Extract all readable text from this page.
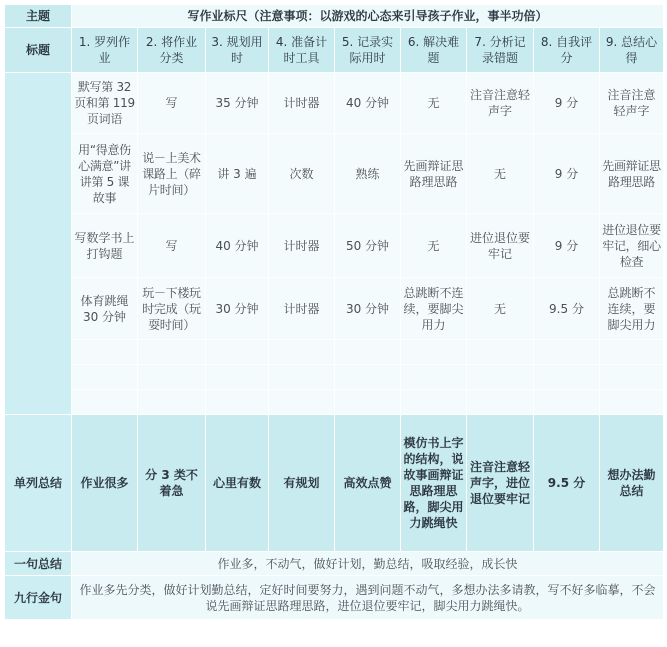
主题	写作业标尺（注意事项：以游戏的心态来引导孩子作业，事半功倍）								
标题	1. 罗列作业	2. 将作业分类	3. 规划用时	4. 准备计时工具	5. 记录实际用时	6. 解决难题	7. 分析记录错题	8. 自我评分	9. 总结心得
	默写第 32 页和第 119 页词语	写	35 分钟	计时器	40 分钟	无	注音注意轻声字	9 分	注音注意轻声字
	用“得意伤心满意”讲讲第 5 课故事	说－上美术课路上（碎片时间）	讲 3 遍	次数	熟练	先画辩证思路理思路	无	9 分	先画辩证思路理思路
	写数学书上打钩题	写	40 分钟	计时器	50 分钟	无	进位退位要牢记	9 分	进位退位要牢记，细心检查
	体育跳绳 30 分钟	玩－下楼玩时完成（玩耍时间）	30 分钟	计时器	30 分钟	总跳断不连续，要脚尖用力	无	9.5 分	总跳断不连续，要脚尖用力

单列总结	作业很多	分 3 类不着急	心里有数	有规划	高效点赞	模仿书上字的结构，说故事画辩证思路理思路，脚尖用力跳绳快	注音注意轻声字，进位退位要牢记	9.5 分	想办法勤总结
一句总结	作业多，不动气，做好计划，勤总结，吸取经验，成长快								
九行金句	作业多先分类，做好计划勤总结，定好时间要努力，遇到问题不动气，多想办法多请教，写不好多临摹，不会说先画辩证思路理思路，进位退位要牢记，脚尖用力跳绳快。								
